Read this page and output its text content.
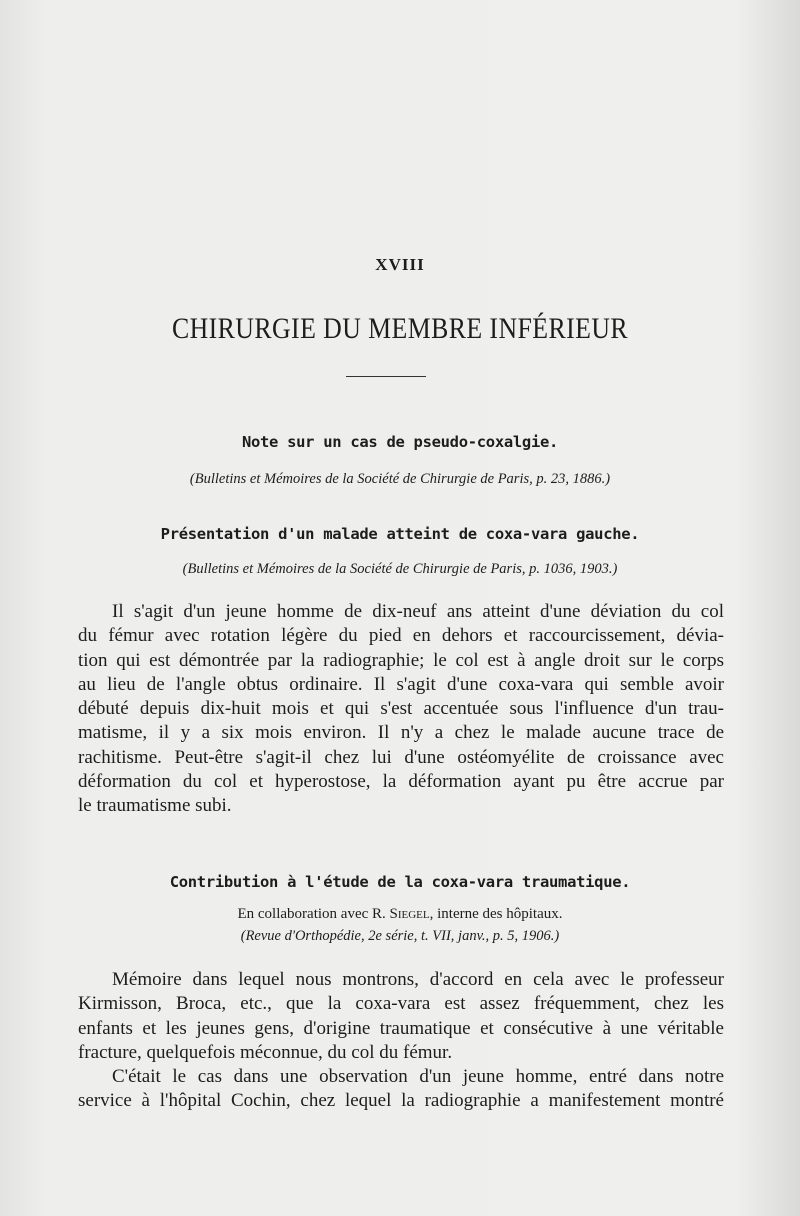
XVIII
CHIRURGIE DU MEMBRE INFÉRIEUR
Note sur un cas de pseudo-coxalgie.
(Bulletins et Mémoires de la Société de Chirurgie de Paris, p. 23, 1886.)
Présentation d'un malade atteint de coxa-vara gauche.
(Bulletins et Mémoires de la Société de Chirurgie de Paris, p. 1036, 1903.)
Il s'agit d'un jeune homme de dix-neuf ans atteint d'une déviation du col
du fémur avec rotation légère du pied en dehors et raccourcissement, dévia-
tion qui est démontrée par la radiographie; le col est à angle droit sur le corps
au lieu de l'angle obtus ordinaire. Il s'agit d'une coxa-vara qui semble avoir
débuté depuis dix-huit mois et qui s'est accentuée sous l'influence d'un trau-
matisme, il y a six mois environ. Il n'y a chez le malade aucune trace de
rachitisme. Peut-être s'agit-il chez lui d'une ostéomyélite de croissance avec
déformation du col et hyperostose, la déformation ayant pu être accrue par
le traumatisme subi.
Contribution à l'étude de la coxa-vara traumatique.
En collaboration avec R. Siegel, interne des hôpitaux.
(Revue d'Orthopédie, 2e série, t. VII, janv., p. 5, 1906.)
Mémoire dans lequel nous montrons, d'accord en cela avec le professeur
Kirmisson, Broca, etc., que la coxa-vara est assez fréquemment, chez les
enfants et les jeunes gens, d'origine traumatique et consécutive à une véritable
fracture, quelquefois méconnue, du col du fémur.
C'était le cas dans une observation d'un jeune homme, entré dans notre
service à l'hôpital Cochin, chez lequel la radiographie a manifestement montré
